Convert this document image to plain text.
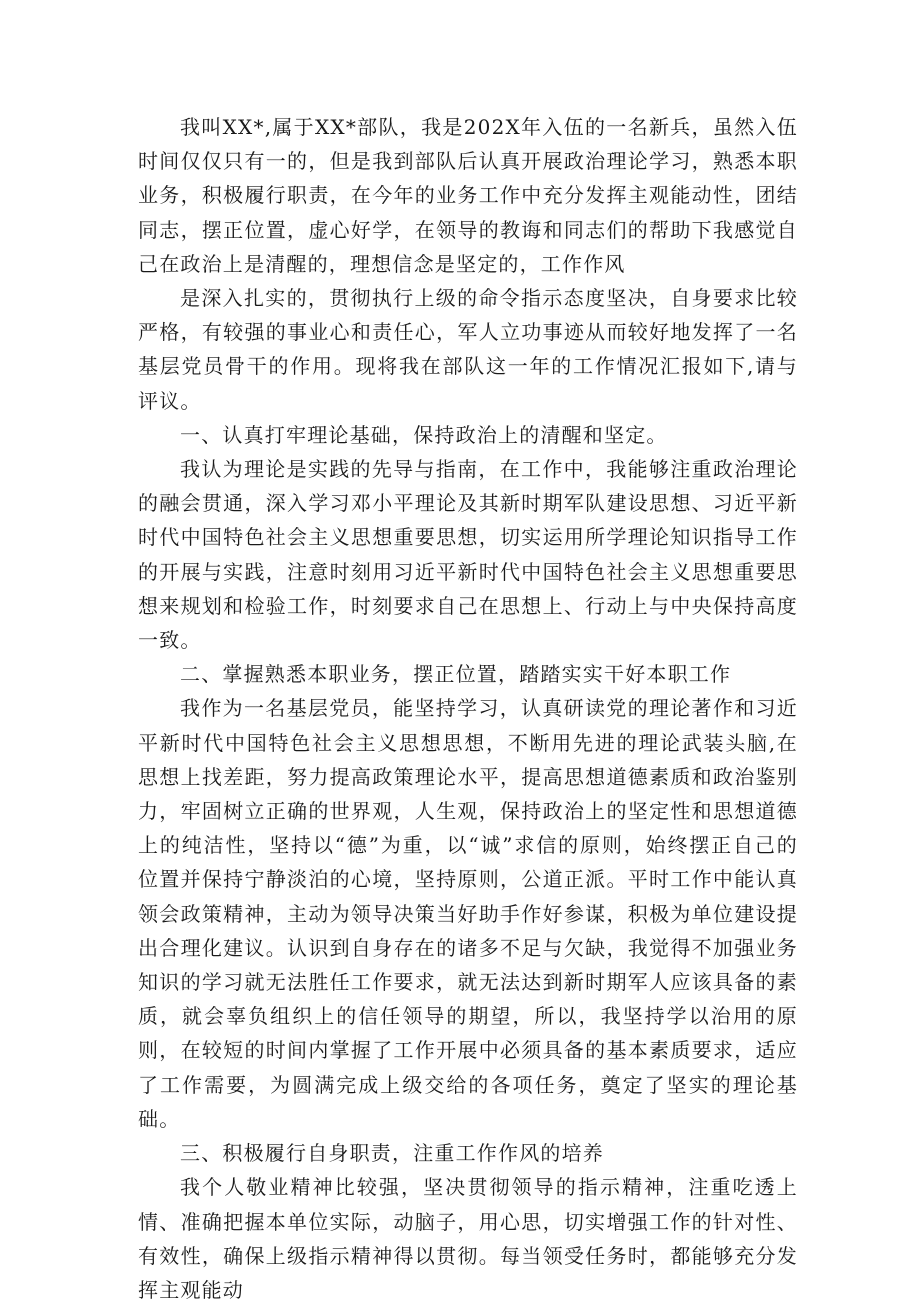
我叫XX*,属于XX*部队，我是202X年入伍的一名新兵，虽然入伍时间仅仅只有一的，但是我到部队后认真开展政治理论学习，熟悉本职业务，积极履行职责，在今年的业务工作中充分发挥主观能动性，团结同志，摆正位置，虚心好学，在领导的教诲和同志们的帮助下我感觉自己在政治上是清醒的，理想信念是坚定的，工作作风

是深入扎实的，贯彻执行上级的命令指示态度坚决，自身要求比较严格，有较强的事业心和责任心，军人立功事迹从而较好地发挥了一名基层党员骨干的作用。现将我在部队这一年的工作情况汇报如下,请与评议。

一、认真打牢理论基础，保持政治上的清醒和坚定。

我认为理论是实践的先导与指南，在工作中，我能够注重政治理论的融会贯通，深入学习邓小平理论及其新时期军队建设思想、习近平新时代中国特色社会主义思想重要思想，切实运用所学理论知识指导工作的开展与实践，注意时刻用习近平新时代中国特色社会主义思想重要思想来规划和检验工作，时刻要求自己在思想上、行动上与中央保持高度一致。

二、掌握熟悉本职业务，摆正位置，踏踏实实干好本职工作

我作为一名基层党员，能坚持学习，认真研读党的理论著作和习近平新时代中国特色社会主义思想思想，不断用先进的理论武装头脑,在思想上找差距，努力提高政策理论水平，提高思想道德素质和政治鉴别力，牢固树立正确的世界观，人生观，保持政治上的坚定性和思想道德上的纯洁性，坚持以“德”为重，以“诚”求信的原则，始终摆正自己的位置并保持宁静淡泊的心境，坚持原则，公道正派。平时工作中能认真领会政策精神，主动为领导决策当好助手作好参谋，积极为单位建设提出合理化建议。认识到自身存在的诸多不足与欠缺，我觉得不加强业务知识的学习就无法胜任工作要求，就无法达到新时期军人应该具备的素质，就会辜负组织上的信任领导的期望，所以，我坚持学以治用的原则，在较短的时间内掌握了工作开展中必须具备的基本素质要求，适应了工作需要，为圆满完成上级交给的各项任务，奠定了坚实的理论基础。

三、积极履行自身职责，注重工作作风的培养

我个人敬业精神比较强，坚决贯彻领导的指示精神，注重吃透上情、准确把握本单位实际，动脑子，用心思，切实增强工作的针对性、有效性，确保上级指示精神得以贯彻。每当领受任务时，都能够充分发挥主观能动
